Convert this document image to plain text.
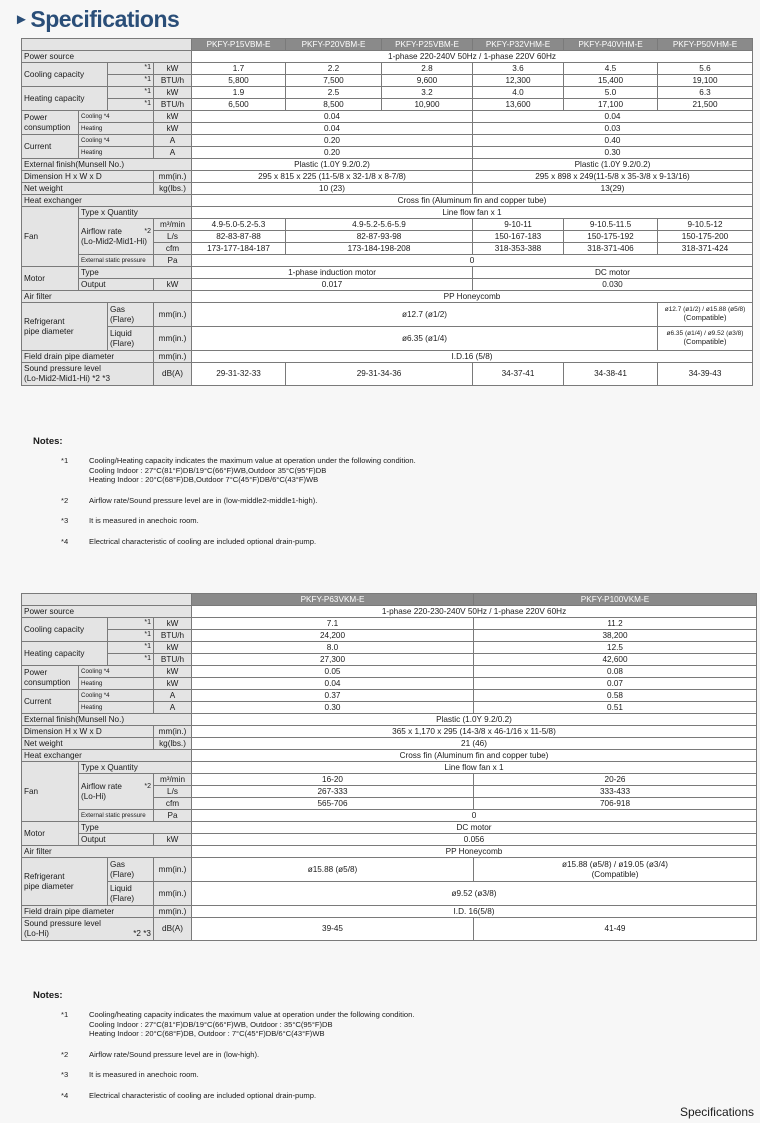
►Specifications
				PKFY-P15VBM-E	PKFY-P20VBM-E	PKFY-P25VBM-E	PKFY-P32VHM-E	PKFY-P40VHM-E	PKFY-P50VHM-E
Power source				1-phase 220-240V 50Hz / 1-phase 220V 60Hz					
Cooling capacity		*1	kW	1.7	2.2	2.8	3.6	4.5	5.6
		*1	BTU/h	5,800	7,500	9,600	12,300	15,400	19,100
Heating capacity		*1	kW	1.9	2.5	3.2	4.0	5.0	6.3
		*1	BTU/h	6,500	8,500	10,900	13,600	17,100	21,500
Power
consumption	Cooling *4		kW	0.04			0.04		
	Heating		kW	0.04			0.03		
Current	Cooling *4		A	0.20			0.40		
	Heating		A	0.20			0.30		
External finish(Munsell No.)				Plastic (1.0Y 9.2/0.2)			Plastic (1.0Y 9.2/0.2)		
Dimension H x W x D			mm(in.)	295 x 815 x 225 (11-5/8 x 32-1/8 x 8-7/8)			295 x 898 x 249(11-5/8 x 35-3/8 x 9-13/16)		
Net weight			kg(lbs.)	10 (23)			13(29)		
Heat exchanger				Cross fin (Aluminum fin and copper tube)					
Fan	Type x Quantity			Line flow fan x 1					
	Airflow rate *2

(Lo-Mid2-Mid1-Hi)		m³/min	4.9-5.0-5.2-5.3	4.9-5.2-5.6-5.9		9-10-11	9-10.5-11.5	9-10.5-12
			L/s	82-83-87-88	82-87-93-98		150-167-183	150-175-192	150-175-200
			cfm	173-177-184-187	173-184-198-208		318-353-388	318-371-406	318-371-424
	External static pressure		Pa	0					
Motor	Type			1-phase induction motor			DC motor		
	Output		kW	0.017			0.030		
Air filter				PP Honeycomb					
Refrigerant
pipe diameter		Gas
(Flare)	mm(in.)	ø12.7 (ø1/2)					ø12.7 (ø1/2) / ø15.88 (ø5/8)
(Compatible)
		Liquid
(Flare)	mm(in.)	ø6.35 (ø1/4)					ø6.35 (ø1/4) / ø9.52 (ø3/8)
(Compatible)
Field drain pipe diameter			mm(in.)	I.D.16 (5/8)					
Sound pressure level
(Lo-Mid2-Mid1-Hi) *2 *3			dB(A)	29-31-32-33	29-31-34-36		34-37-41	34-38-41	34-39-43
Notes:
*1	Cooling/Heating capacity indicates the maximum value at operation under the following condition.
Cooling Indoor : 27°C(81°F)DB/19°C(66°F)WB,Outdoor 35°C(95°F)DB
Heating Indoor : 20°C(68°F)DB,Outdoor 7°C(45°F)DB/6°C(43°F)WB
*2	Airflow rate/Sound pressure level are in (low-middle2-middle1-high).
*3	It is measured in anechoic room.
*4	Electrical characteristic of cooling are included optional drain-pump.
				PKFY-P63VKM-E	PKFY-P100VKM-E
Power source				1-phase 220-230-240V 50Hz / 1-phase 220V 60Hz	
Cooling capacity		*1	kW	7.1	11.2
		*1	BTU/h	24,200	38,200
Heating capacity		*1	kW	8.0	12.5
		*1	BTU/h	27,300	42,600
Power
consumption	Cooling *4		kW	0.05	0.08
	Heating		kW	0.04	0.07
Current	Cooling *4		A	0.37	0.58
	Heating		A	0.30	0.51
External finish(Munsell No.)				Plastic (1.0Y 9.2/0.2)	
Dimension H x W x D			mm(in.)	365 x 1,170 x 295 (14-3/8 x 46-1/16 x 11-5/8)	
Net weight			kg(lbs.)	21 (46)	
Heat exchanger				Cross fin (Aluminum fin and copper tube)	
Fan	Type x Quantity			Line flow fan x 1	
	Airflow rate *2

(Lo-Hi)		m³/min	16-20	20-26
			L/s	267-333	333-433
			cfm	565-706	706-918
	External static pressure		Pa	0	
Motor	Type			DC motor	
	Output		kW	0.056	
Air filter				PP Honeycomb	
Refrigerant
pipe diameter		Gas
(Flare)	mm(in.)	ø15.88 (ø5/8)	ø15.88 (ø5/8) / ø19.05 (ø3/4)
(Compatible)
		Liquid
(Flare)	mm(in.)	ø9.52 (ø3/8)	
Field drain pipe diameter			mm(in.)	I.D. 16(5/8)	
Sound pressure level
(Lo-Hi) *2 *3			dB(A)	39-45	41-49
Notes:
*1	Cooling/heating capacity indicates the maximum value at operation under the following condition.
Cooling Indoor : 27°C(81°F)DB/19°C(66°F)WB, Outdoor : 35°C(95°F)DB
Heating Indoor : 20°C(68°F)DB, Outdoor : 7°C(45°F)DB/6°C(43°F)WB
*2	Airflow rate/Sound pressure level are in (low-high).
*3	It is measured in anechoic room.
*4	Electrical characteristic of cooling are included optional drain-pump.
Specifications
